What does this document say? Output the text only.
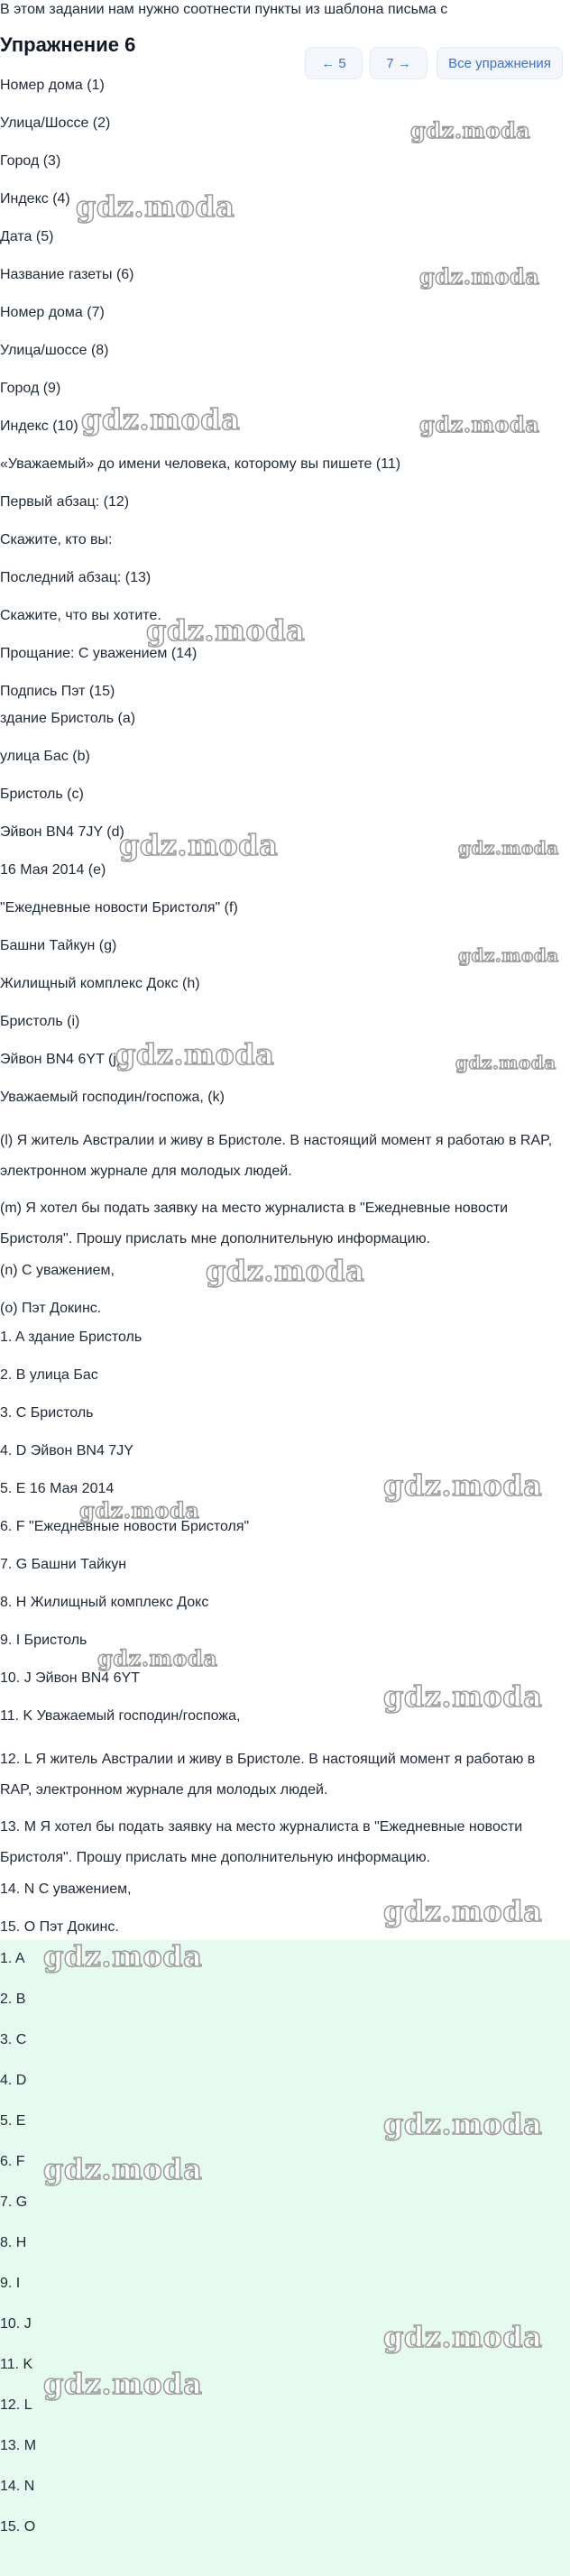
В этом задании нам нужно соотнести пункты из шаблона письма с
Упражнение 6
← 5	7 →	Все упражнения
Номер дома (1)
Улица/Шоссе (2)
Город (3)
Индекс (4)
Дата (5)
Название газеты (6)
Номер дома (7)
Улица/шоссе (8)
Город (9)
Индекс (10)
«Уважаемый» до имени человека, которому вы пишете (11)
Первый абзац: (12)
Скажите, кто вы:
Последний абзац: (13)
Скажите, что вы хотите.
Прощание: С уважением (14)
Подпись Пэт (15)
здание Бристоль (a)
улица Бас (b)
Бристоль (c)
Эйвон BN4 7JY (d)
16 Мая 2014 (e)
"Ежедневные новости Бристоля" (f)
Башни Тайкун (g)
Жилищный комплекс Докс (h)
Бристоль (i)
Эйвон BN4 6YT (j)
Уважаемый господин/госпожа, (k)
(l) Я житель Австралии и живу в Бристоле. В настоящий момент я работаю в RAP, электронном журнале для молодых людей.
(m) Я хотел бы подать заявку на место журналиста в "Ежедневные новости Бристоля". Прошу прислать мне дополнительную информацию.
(n) С уважением,
(o) Пэт Докинс.
1. A здание Бристоль
2. B улица Бас
3. C Бристоль
4. D Эйвон BN4 7JY
5. E 16 Мая 2014
6. F "Ежедневные новости Бристоля"
7. G Башни Тайкун
8. H Жилищный комплекс Докс
9. I Бристоль
10. J Эйвон BN4 6YT
11. K Уважаемый господин/госпожа,
12. L Я житель Австралии и живу в Бристоле. В настоящий момент я работаю в RAP, электронном журнале для молодых людей.
13. M Я хотел бы подать заявку на место журналиста в "Ежедневные новости Бристоля". Прошу прислать мне дополнительную информацию.
14. N С уважением,
15. O Пэт Докинс.
1. A
2. B
3. C
4. D
5. E
6. F
7. G
8. H
9. I
10. J
11. K
12. L
13. M
14. N
15. O
gdz.moda
gdz.moda
gdz.moda
gdz.moda	gdz.moda
gdz.moda
gdz.moda	gdz.moda
gdz.moda
gdz.moda	gdz.moda
gdz.moda
gdz.moda
gdz.moda
gdz.moda
gdz.moda
gdz.moda
gdz.moda
gdz.moda
gdz.moda
gdz.moda
gdz.moda
